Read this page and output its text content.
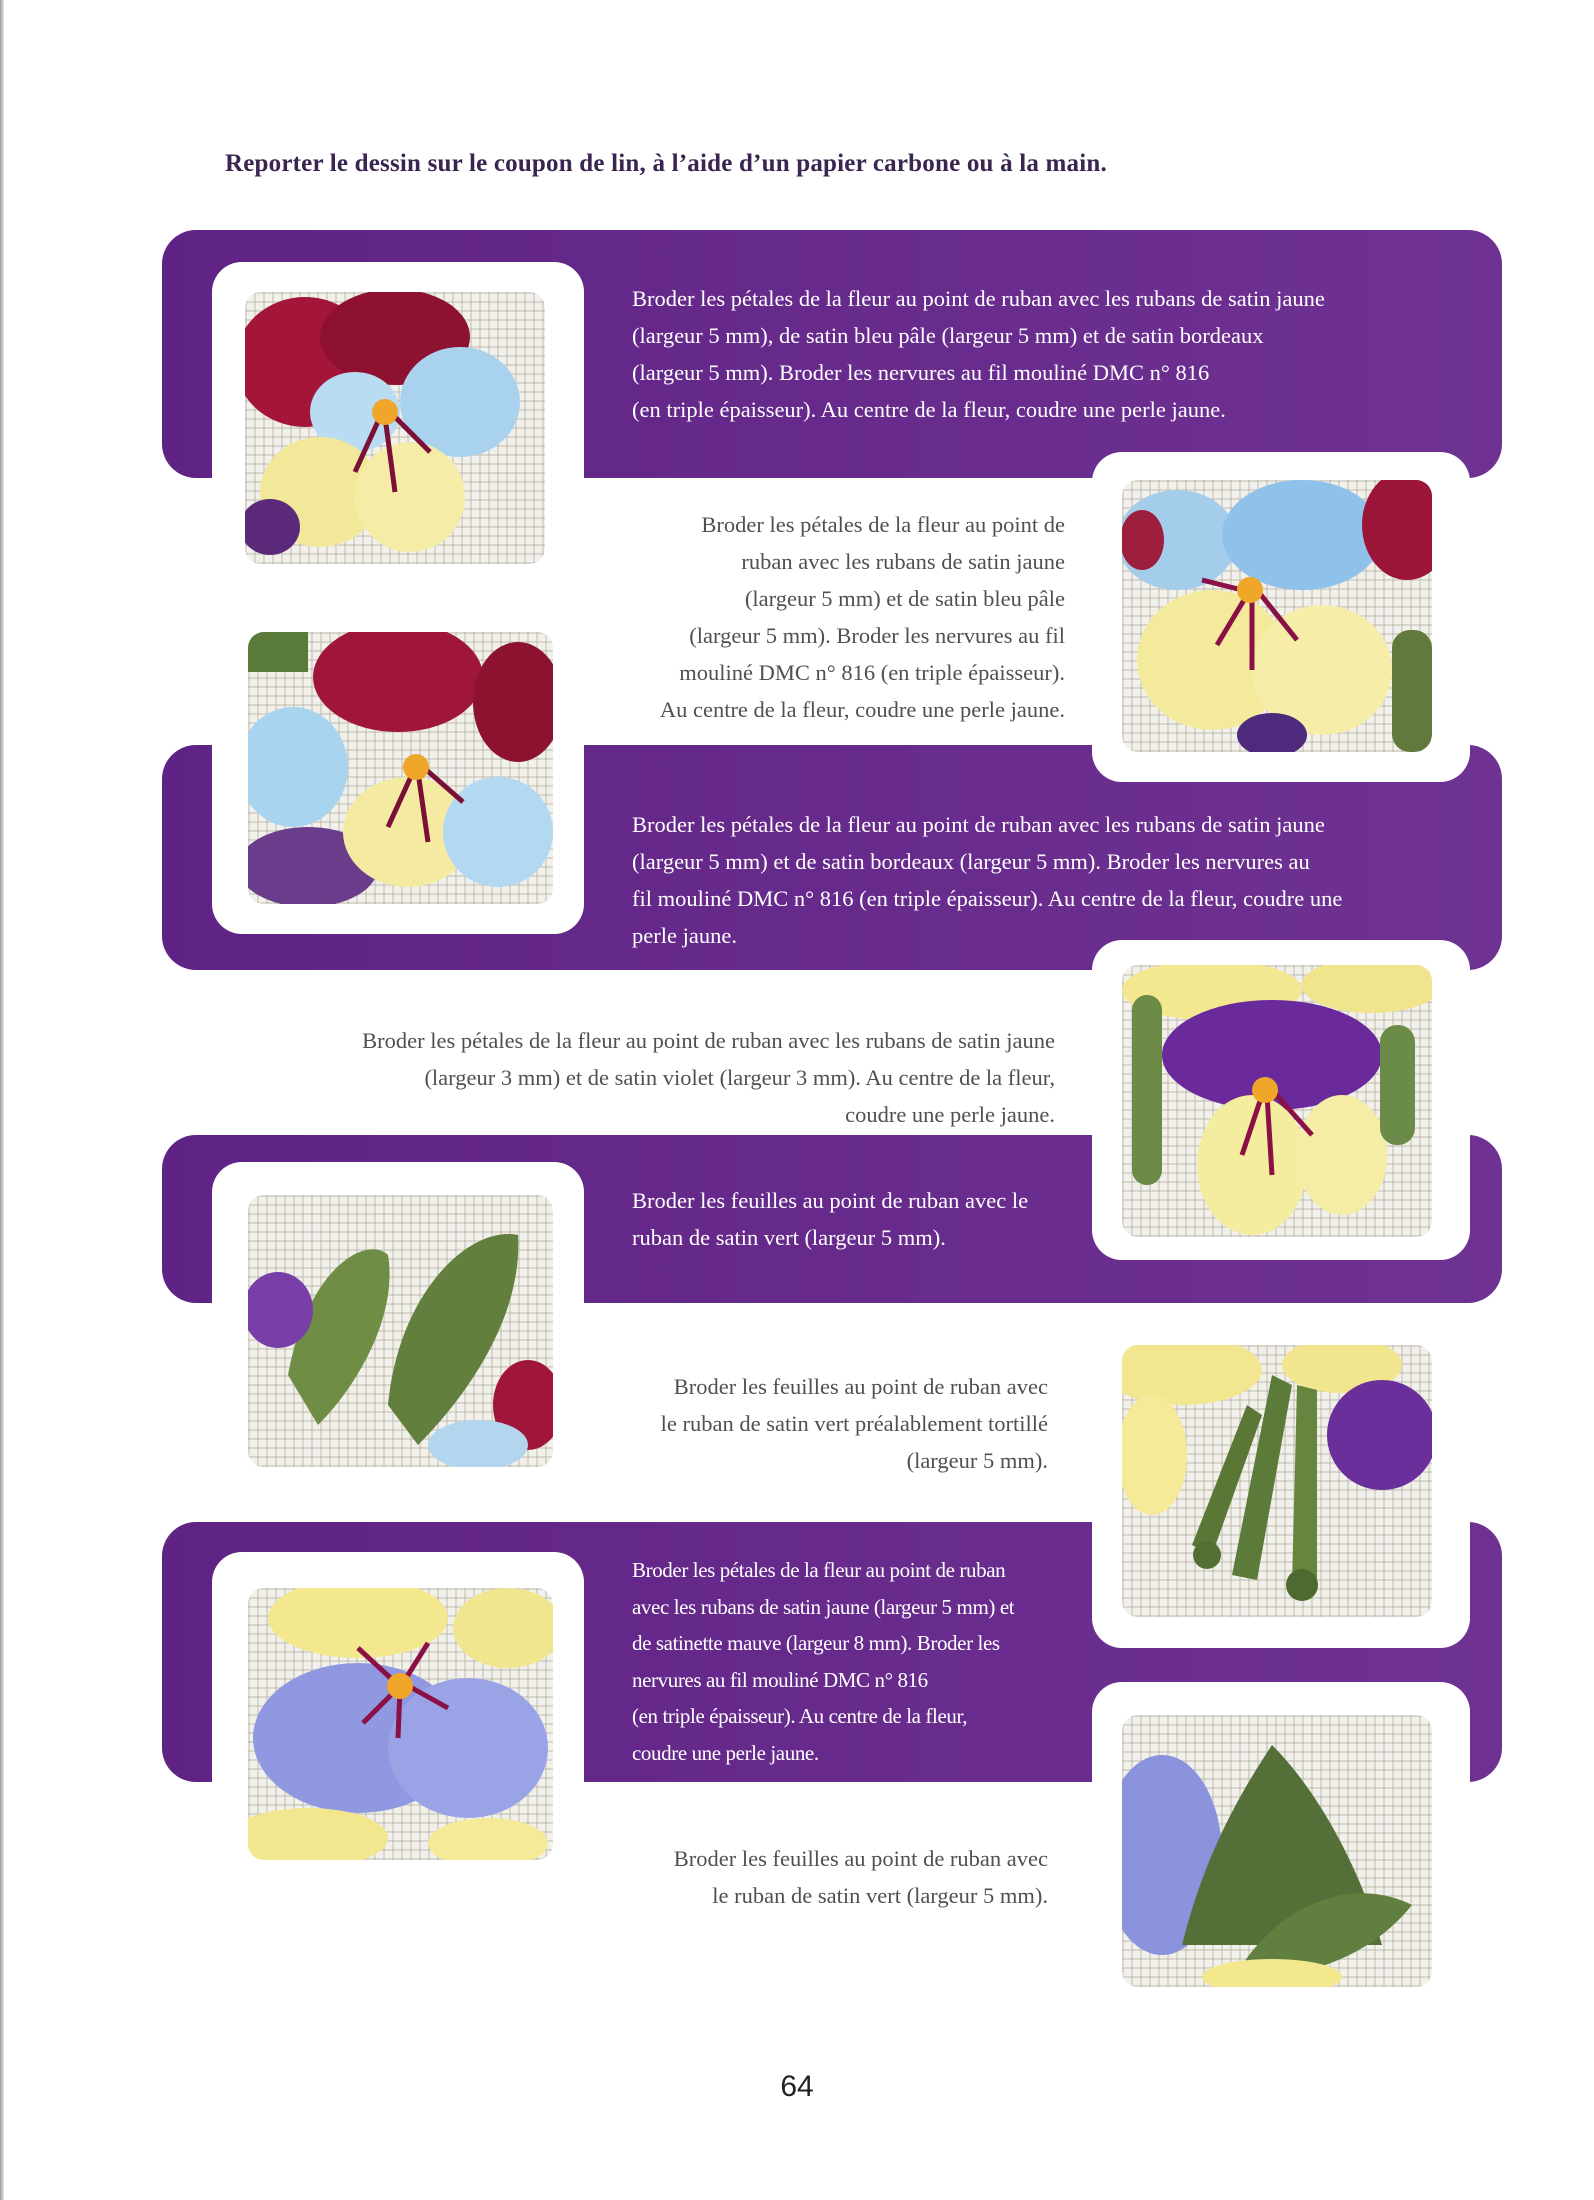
Reporter le dessin sur le coupon de lin, à l’aide d’un papier carbone ou à la main.
Broder les pétales de la fleur au point de ruban avec les rubans de satin jaune
(largeur 5 mm), de satin bleu pâle (largeur 5 mm) et de satin bordeaux
(largeur 5 mm). Broder les nervures au fil mouliné DMC n° 816
(en triple épaisseur). Au centre de la fleur, coudre une perle jaune.
Broder les pétales de la fleur au point de
ruban avec les rubans de satin jaune
(largeur 5 mm) et de satin bleu pâle
(largeur 5 mm). Broder les nervures au fil
mouliné DMC n° 816 (en triple épaisseur).
Au centre de la fleur, coudre une perle jaune.
Broder les pétales de la fleur au point de ruban avec les rubans de satin jaune
(largeur 5 mm) et de satin bordeaux (largeur 5 mm). Broder les nervures au
fil mouliné DMC n° 816 (en triple épaisseur). Au centre de la fleur, coudre une
perle jaune.
Broder les pétales de la fleur au point de ruban avec les rubans de satin jaune
(largeur 3 mm) et de satin violet (largeur 3 mm). Au centre de la fleur,
coudre une perle jaune.
Broder les feuilles au point de ruban avec le
ruban de satin vert (largeur 5 mm).
Broder les feuilles au point de ruban avec
le ruban de satin vert préalablement tortillé
(largeur 5 mm).
Broder les pétales de la fleur au point de ruban
avec les rubans de satin jaune (largeur 5 mm) et
de satinette mauve (largeur 8 mm). Broder les
nervures au fil mouliné DMC n° 816
(en triple épaisseur). Au centre de la fleur,
coudre une perle jaune.
Broder les feuilles au point de ruban avec
le ruban de satin vert (largeur 5 mm).
64
